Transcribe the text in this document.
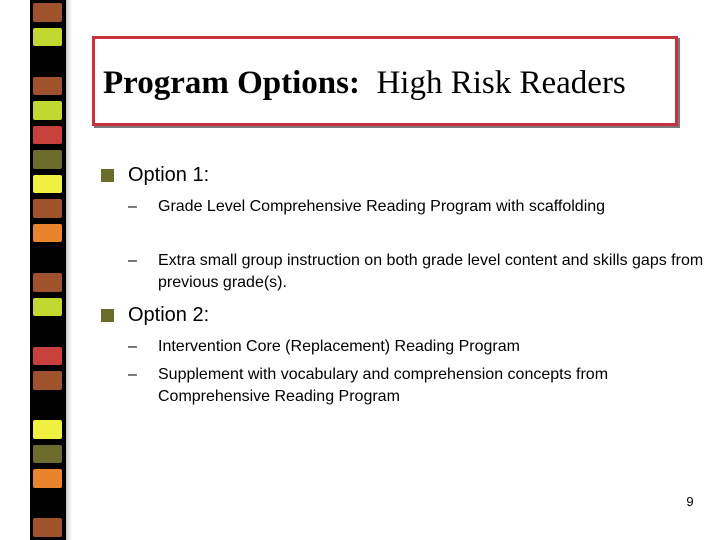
Program Options: High Risk Readers
Option 1:
–	Grade Level Comprehensive Reading Program with scaffolding
–	Extra small group instruction on both grade level content and skills gaps from previous grade(s).
Option 2:
–	Intervention Core (Replacement) Reading Program
–	Supplement with vocabulary and comprehension concepts from Comprehensive Reading Program
9
